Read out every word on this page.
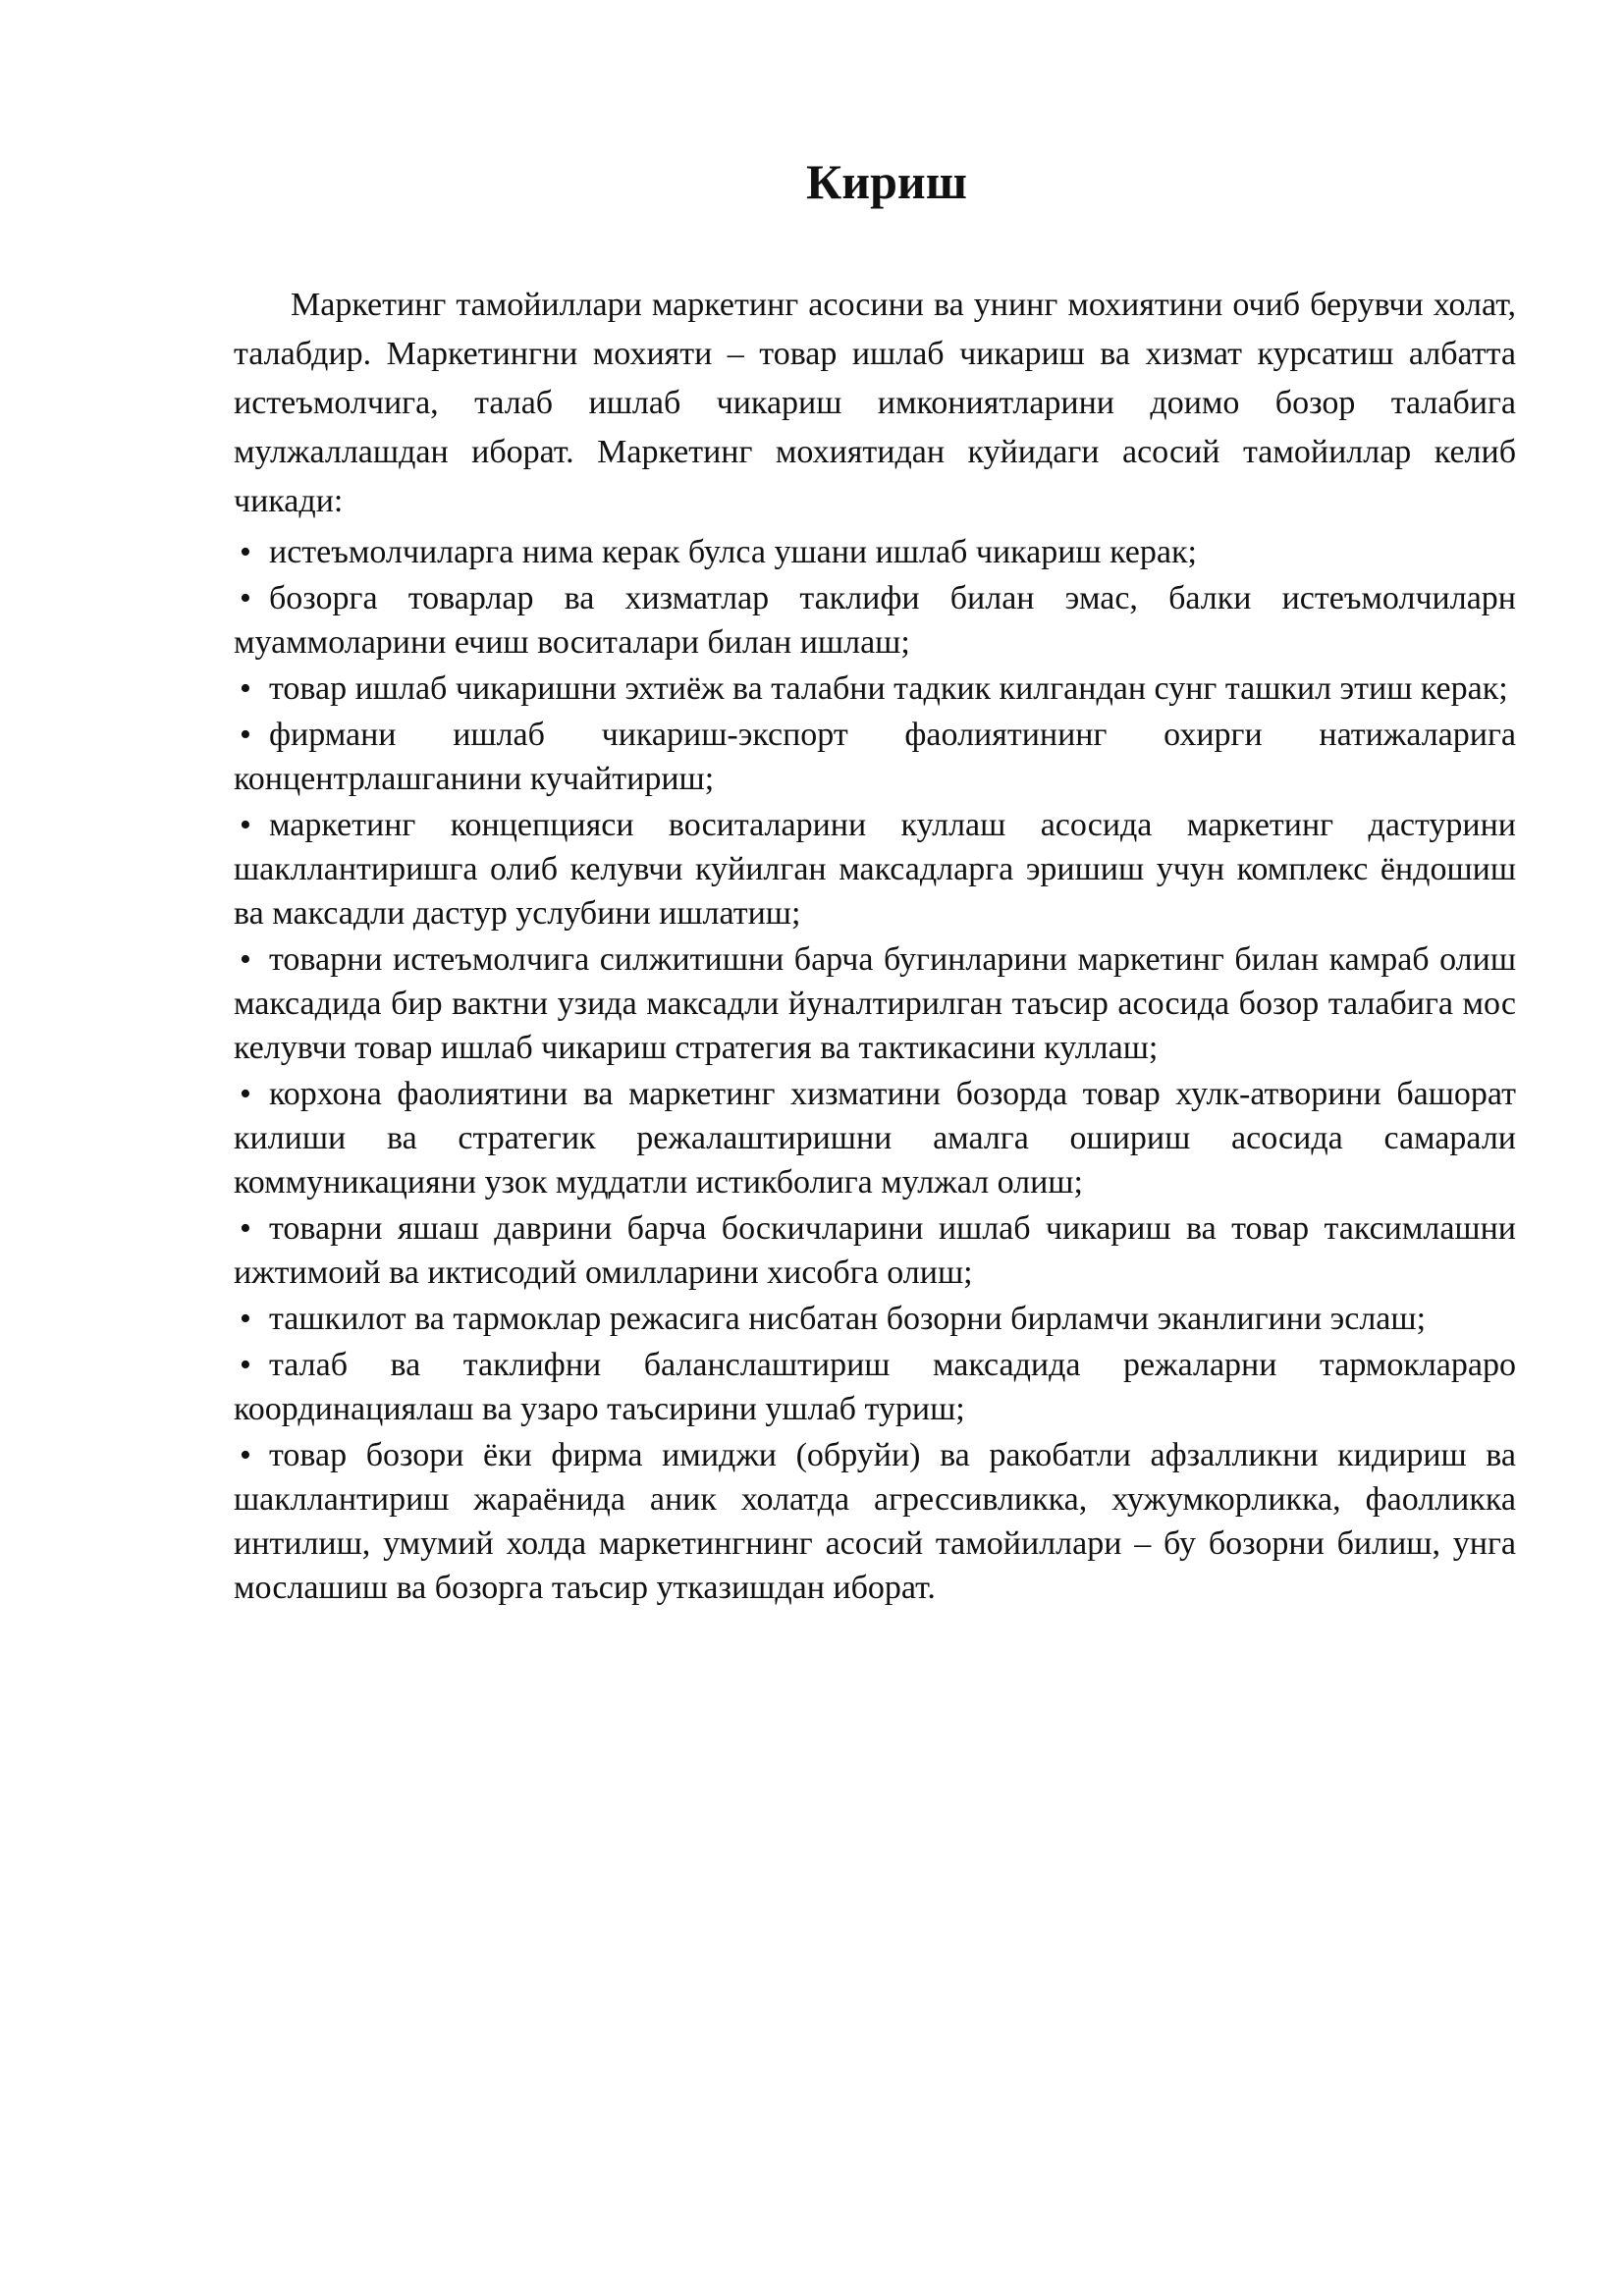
Кириш

Маркетинг тамойиллари маркетинг асосини ва унинг мохиятини очиб берувчи холат, талабдир. Маркетингни мохияти – товар ишлаб чикариш ва хизмат курсатиш албатта истеъмолчига, талаб ишлаб чикариш имкониятларини доимо бозор талабига мулжаллашдан иборат. Маркетинг мохиятидан куйидаги асосий тамойиллар келиб чикади:

• истеъмолчиларга нима керак булса ушани ишлаб чикариш керак;
• бозорга товарлар ва хизматлар таклифи билан эмас, балки истеъмолчиларн муаммоларини ечиш воситалари билан ишлаш;
• товар ишлаб чикаришни эхтиёж ва талабни тадкик килгандан сунг ташкил этиш керак;
• фирмани ишлаб чикариш-экспорт фаолиятининг охирги натижаларига концентрлашганини кучайтириш;
• маркетинг концепцияси воситаларини куллаш асосида маркетинг дастурини шакллантиришга олиб келувчи куйилган максадларга эришиш учун комплекс ёндошиш ва максадли дастур услубини ишлатиш;
• товарни истеъмолчига силжитишни барча бугинларини маркетинг билан камраб олиш максадида бир вактни узида максадли йуналтирилган таъсир асосида бозор талабига мос келувчи товар ишлаб чикариш стратегия ва тактикасини куллаш;
• корхона фаолиятини ва маркетинг хизматини бозорда товар хулк-атворини башорат килиши ва стратегик режалаштиришни амалга ошириш асосида самарали коммуникацияни узок муддатли истикболига мулжал олиш;
• товарни яшаш даврини барча боскичларини ишлаб чикариш ва товар таксимлашни ижтимоий ва иктисодий омилларини хисобга олиш;
• ташкилот ва тармоклар режасига нисбатан бозорни бирламчи эканлигини эслаш;
• талаб ва таклифни баланслаштириш максадида режаларни тармоклараро координациялаш ва узаро таъсирини ушлаб туриш;
• товар бозори ёки фирма имиджи (обруйи) ва ракобатли афзалликни кидириш ва шакллантириш жараёнида аник холатда агрессивликка, хужумкорликка, фаолликка интилиш, умумий холда маркетингнинг асосий тамойиллари – бу бозорни билиш, унга мослашиш ва бозорга таъсир утказишдан иборат.
